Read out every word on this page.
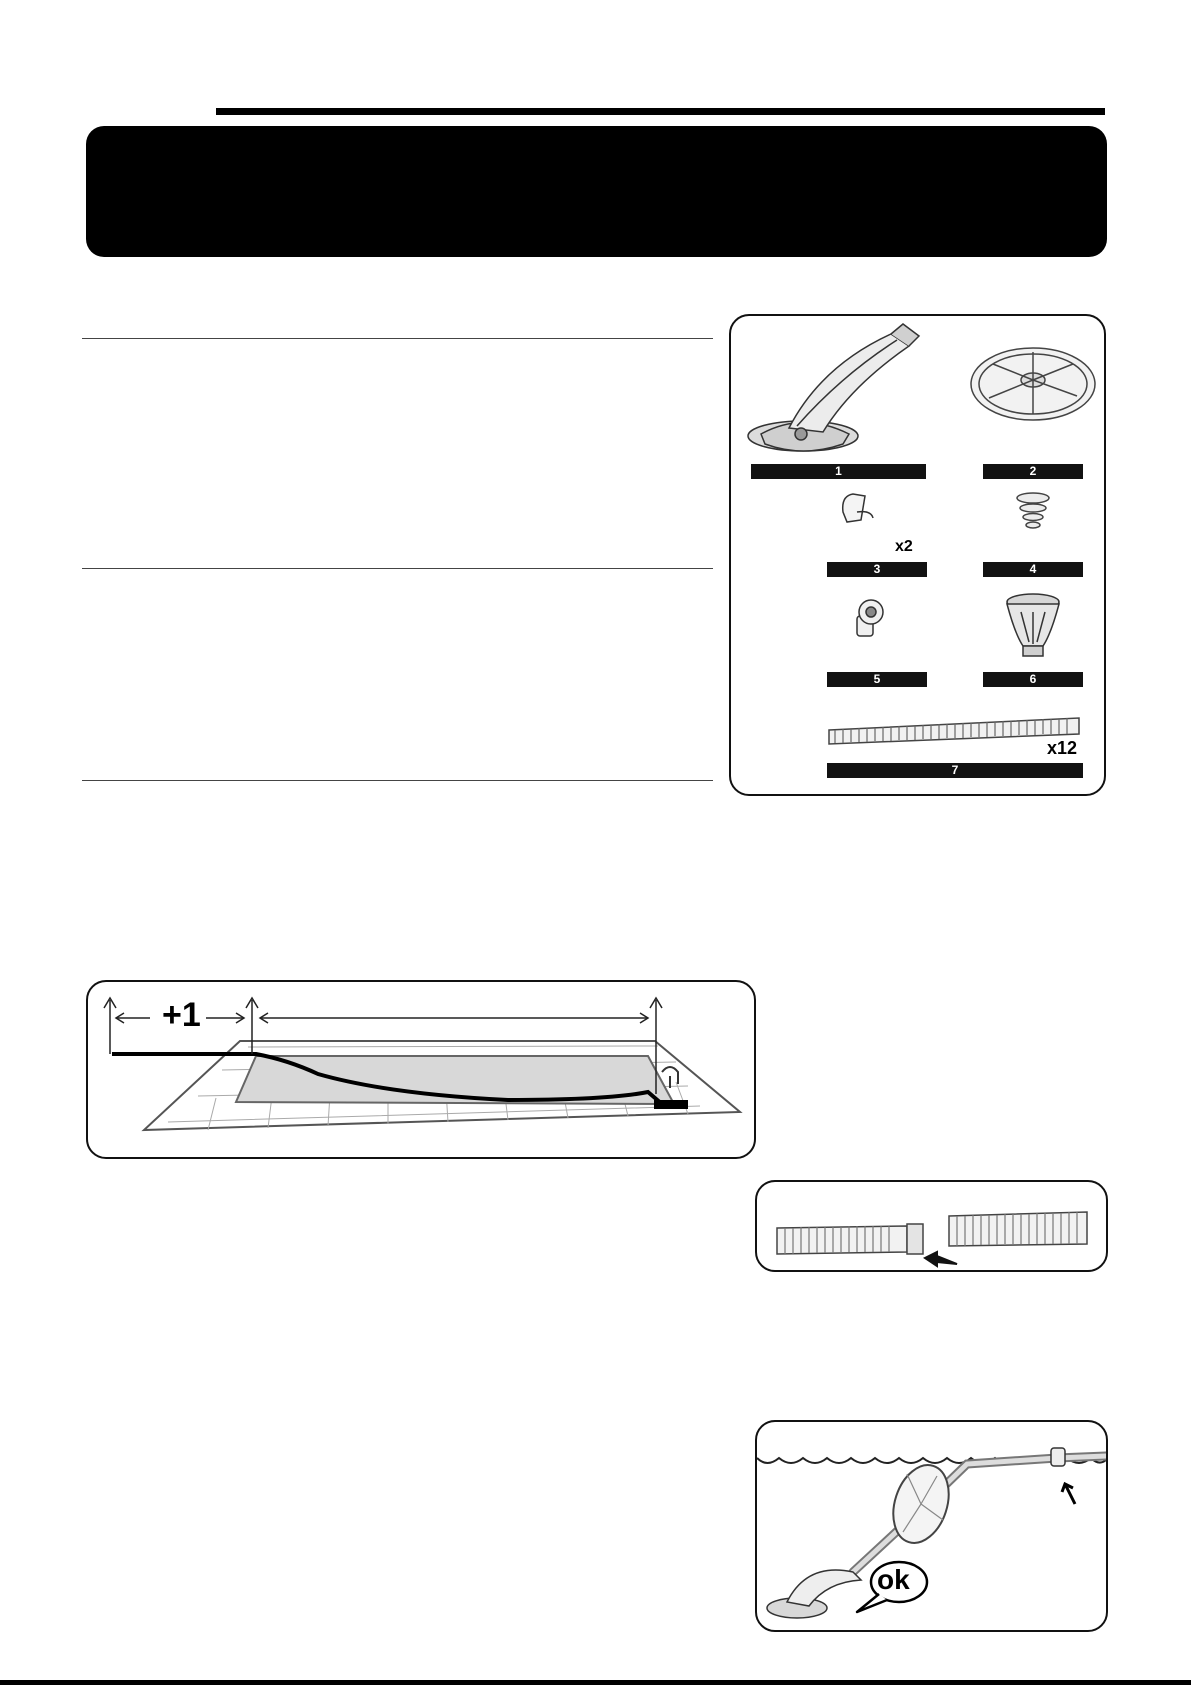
1	2
3
x2
4
5	6
x12
7
+1
ok
